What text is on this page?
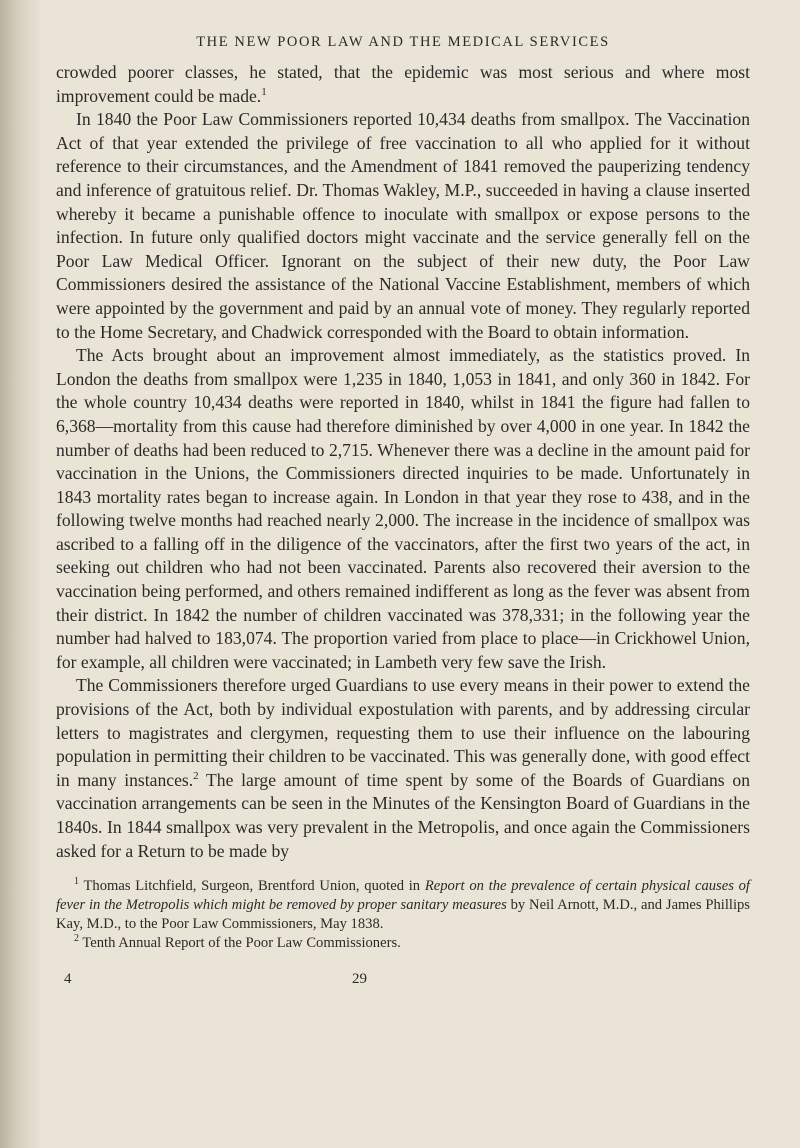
THE NEW POOR LAW AND THE MEDICAL SERVICES

crowded poorer classes, he stated, that the epidemic was most serious and where most improvement could be made.$^1$

In 1840 the Poor Law Commissioners reported 10,434 deaths from smallpox. The Vaccination Act of that year extended the privilege of free vaccination to all who applied for it without reference to their circumstances, and the Amendment of 1841 removed the pauperizing tendency and inference of gratuitous relief. Dr. Thomas Wakley, M.P., succeeded in having a clause inserted whereby it became a punishable offence to inoculate with smallpox or expose persons to the infection. In future only qualified doctors might vaccinate and the service generally fell on the Poor Law Medical Officer. Ignorant on the subject of their new duty, the Poor Law Commissioners desired the assistance of the National Vaccine Establishment, members of which were appointed by the government and paid by an annual vote of money. They regularly reported to the Home Secretary, and Chadwick corresponded with the Board to obtain information.

The Acts brought about an improvement almost immediately, as the statistics proved. In London the deaths from smallpox were 1,235 in 1840, 1,053 in 1841, and only 360 in 1842. For the whole country 10,434 deaths were reported in 1840, whilst in 1841 the figure had fallen to 6,368—mortality from this cause had therefore diminished by over 4,000 in one year. In 1842 the number of deaths had been reduced to 2,715. Whenever there was a decline in the amount paid for vaccination in the Unions, the Commissioners directed inquiries to be made. Unfortunately in 1843 mortality rates began to increase again. In London in that year they rose to 438, and in the following twelve months had reached nearly 2,000. The increase in the incidence of smallpox was ascribed to a falling off in the diligence of the vaccinators, after the first two years of the act, in seeking out children who had not been vaccinated. Parents also recovered their aversion to the vaccination being performed, and others remained indifferent as long as the fever was absent from their district. In 1842 the number of children vaccinated was 378,331; in the following year the number had halved to 183,074. The proportion varied from place to place—in Crickhowel Union, for example, all children were vaccinated; in Lambeth very few save the Irish.

The Commissioners therefore urged Guardians to use every means in their power to extend the provisions of the Act, both by individual expostulation with parents, and by addressing circular letters to magistrates and clergymen, requesting them to use their influence on the labouring population in permitting their children to be vaccinated. This was generally done, with good effect in many instances.$^2$ The large amount of time spent by some of the Boards of Guardians on vaccination arrangements can be seen in the Minutes of the Kensington Board of Guardians in the 1840s. In 1844 smallpox was very prevalent in the Metropolis, and once again the Commissioners asked for a Return to be made by

$^1$ Thomas Litchfield, Surgeon, Brentford Union, quoted in Report on the prevalence of certain physical causes of fever in the Metropolis which might be removed by proper sanitary measures by Neil Arnott, M.D., and James Phillips Kay, M.D., to the Poor Law Commissioners, May 1838.

$^2$ Tenth Annual Report of the Poor Law Commissioners.

4	29
